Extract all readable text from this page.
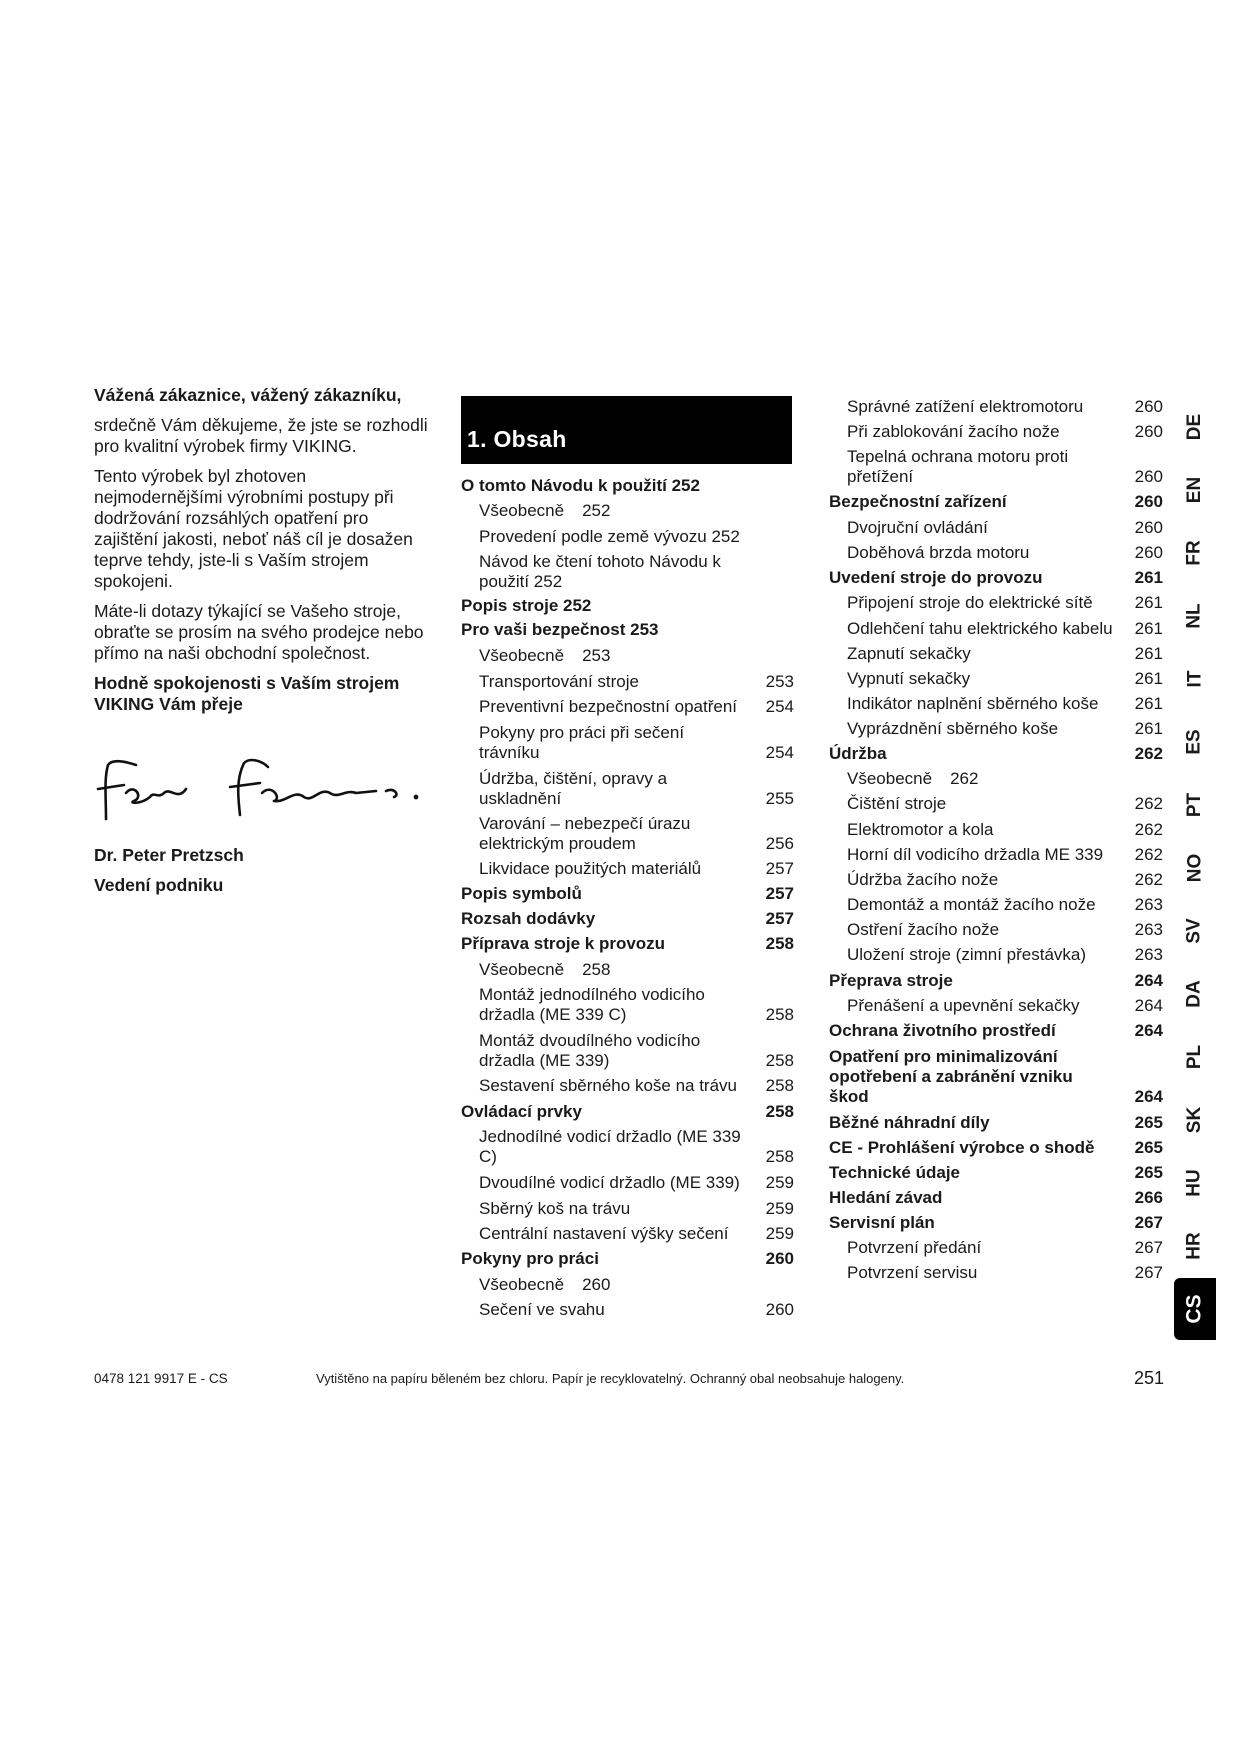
Vážená zákaznice, vážený zákazníku,

srdečně Vám děkujeme, že jste se rozhodli pro kvalitní výrobek firmy VIKING.

Tento výrobek byl zhotoven nejmodernějšími výrobními postupy při dodržování rozsáhlých opatření pro zajištění jakosti, neboť náš cíl je dosažen teprve tehdy, jste-li s Vaším strojem spokojeni.

Máte-li dotazy týkající se Vašeho stroje, obraťte se prosím na svého prodejce nebo přímo na naši obchodní společnost.

Hodně spokojenosti s Vaším strojem VIKING Vám přeje

Dr. Peter Pretzsch

Vedení podniku

1. Obsah
O tomto Návodu k použití 252
Všeobecně 252
Provedení podle země vývozu 252
Návod ke čtení tohoto Návodu k použití 252
Popis stroje 252
Pro vaši bezpečnost 253
Všeobecně 253
Transportování stroje	253
Preventivní bezpečnostní opatření	254
Pokyny pro práci při sečení trávníku	254
Údržba, čištění, opravy a uskladnění	255
Varování – nebezpečí úrazu elektrickým proudem	256
Likvidace použitých materiálů	257
Popis symbolů	257
Rozsah dodávky	257
Příprava stroje k provozu	258
Všeobecně 258
Montáž jednodílného vodicího držadla (ME 339 C)	258
Montáž dvoudílného vodicího držadla (ME 339)	258
Sestavení sběrného koše na trávu	258
Ovládací prvky	258
Jednodílné vodicí držadlo (ME 339 C)	258
Dvoudílné vodicí držadlo (ME 339)	259
Sběrný koš na trávu	259
Centrální nastavení výšky sečení	259
Pokyny pro práci	260
Všeobecně 260
Sečení ve svahu	260
Správné zatížení elektromotoru	260
Při zablokování žacího nože	260
Tepelná ochrana motoru proti přetížení	260
Bezpečnostní zařízení	260
Dvojruční ovládání	260
Doběhová brzda motoru	260
Uvedení stroje do provozu	261
Připojení stroje do elektrické sítě	261
Odlehčení tahu elektrického kabelu 261
Zapnutí sekačky	261
Vypnutí sekačky	261
Indikátor naplnění sběrného koše	261
Vyprázdnění sběrného koše	261
Údržba	262
Všeobecně 262
Čištění stroje	262
Elektromotor a kola	262
Horní díl vodicího držadla ME 339	262
Údržba žacího nože	262
Demontáž a montáž žacího nože	263
Ostření žacího nože	263
Uložení stroje (zimní přestávka)	263
Přeprava stroje	264
Přenášení a upevnění sekačky	264
Ochrana životního prostředí	264
Opatření pro minimalizování opotřebení a zabránění vzniku škod	264
Běžné náhradní díly	265
CE - Prohlášení výrobce o shodě	265
Technické údaje	265
Hledání závad	266
Servisní plán	267
Potvrzení předání	267
Potvrzení servisu	267
DE
EN
FR
NL
IT
ES
PT
NO
SV
DA
PL
SK
HU
HR
CS
0478 121 9917 E - CS	Vytištěno na papíru běleném bez chloru. Papír je recyklovatelný. Ochranný obal neobsahuje halogeny.	251
